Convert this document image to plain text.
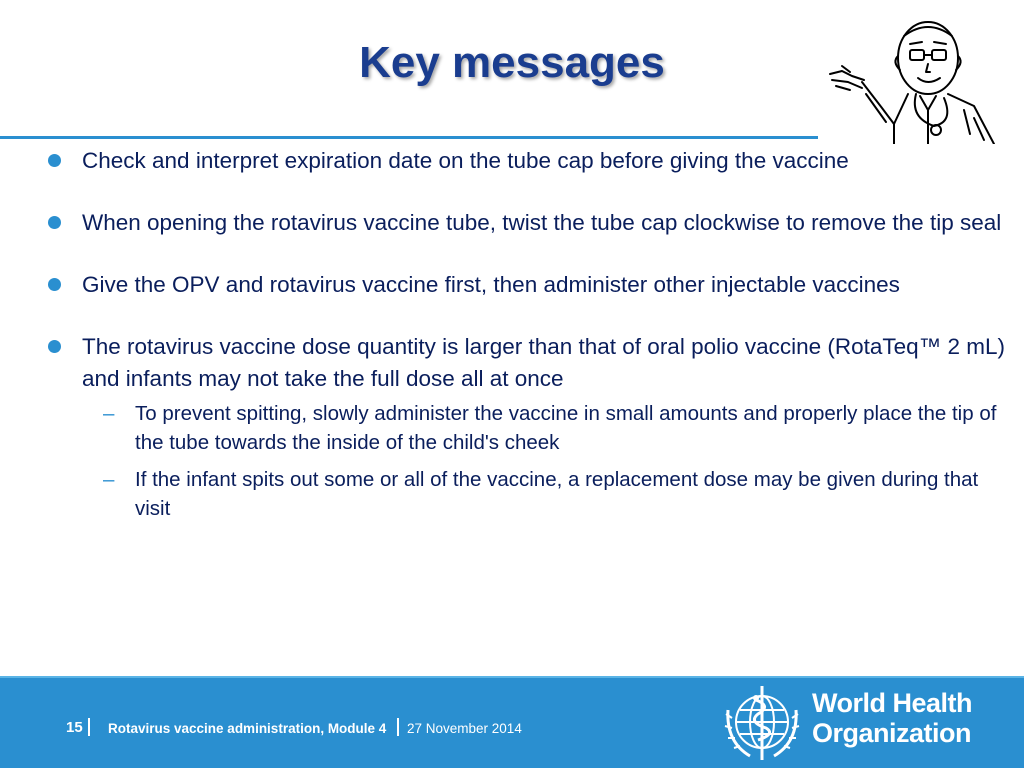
Key messages
Check and interpret expiration date on the tube cap before giving the vaccine
When opening the rotavirus vaccine tube, twist the tube cap clockwise to remove the tip seal
Give the OPV and rotavirus vaccine first, then administer other injectable vaccines
The rotavirus vaccine dose quantity is larger than that of oral polio vaccine (RotaTeq™ 2 mL) and infants may not take the full dose all at once
– To prevent spitting, slowly administer the vaccine in small amounts and properly place the tip of the tube towards the inside of the child's cheek
– If the infant spits out some or all of the vaccine, a replacement dose may be given during that visit
15 Rotavirus vaccine administration, Module 4 27 November 2014
World Health
Organization
